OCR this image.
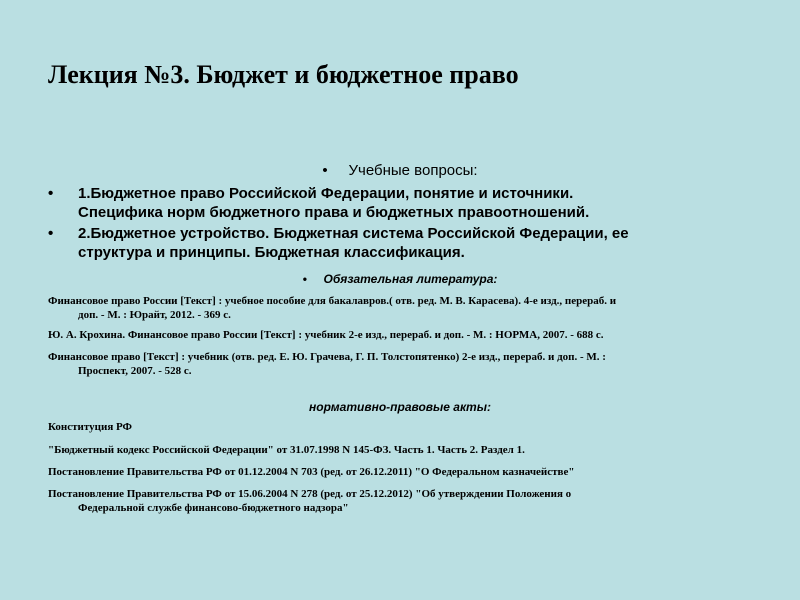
Лекция №3. Бюджет и бюджетное право
• Учебные вопросы:
• 1.Бюджетное право Российской Федерации, понятие и источники.
Специфика норм бюджетного права и бюджетных правоотношений.
• 2.Бюджетное устройство. Бюджетная система Российской Федерации, ее
структура и принципы. Бюджетная классификация.
• Обязательная литература:
Финансовое право России [Текст] : учебное пособие для бакалавров.( отв. ред. М. В. Карасева). 4-е изд., перераб. и
доп. - М. : Юрайт, 2012. - 369 с.
Ю. А. Крохина. Финансовое право России [Текст] : учебник 2-е изд., перераб. и доп. - М. : НОРМА, 2007. - 688 с.
Финансовое право [Текст] : учебник (отв. ред. Е. Ю. Грачева, Г. П. Толстопятенко) 2-е изд., перераб. и доп. - М. :
Проспект, 2007. - 528 с.
нормативно-правовые акты:
Конституция РФ
"Бюджетный кодекс Российской Федерации" от 31.07.1998 N 145-ФЗ. Часть 1. Часть 2. Раздел 1.
Постановление Правительства РФ от 01.12.2004 N 703 (ред. от 26.12.2011) "О Федеральном казначействе"
Постановление Правительства РФ от 15.06.2004 N 278 (ред. от 25.12.2012) "Об утверждении Положения о
Федеральной службе финансово-бюджетного надзора"
